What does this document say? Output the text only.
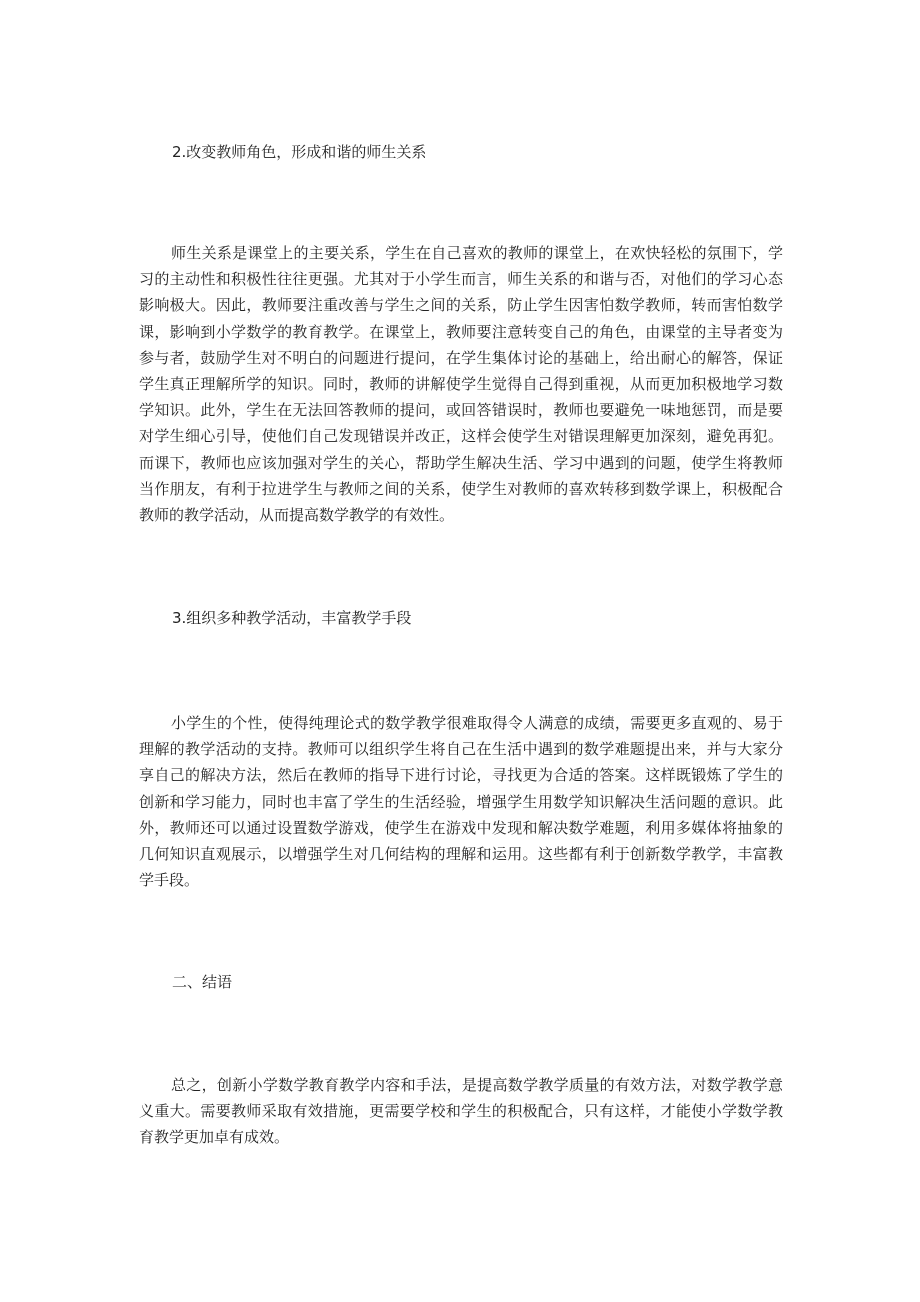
2.改变教师角色，形成和谐的师生关系

师生关系是课堂上的主要关系，学生在自己喜欢的教师的课堂上，在欢快轻松的氛围下，学习的主动性和积极性往往更强。尤其对于小学生而言，师生关系的和谐与否，对他们的学习心态影响极大。因此，教师要注重改善与学生之间的关系，防止学生因害怕数学教师，转而害怕数学课，影响到小学数学的教育教学。在课堂上，教师要注意转变自己的角色，由课堂的主导者变为参与者，鼓励学生对不明白的问题进行提问，在学生集体讨论的基础上，给出耐心的解答，保证学生真正理解所学的知识。同时，教师的讲解使学生觉得自己得到重视，从而更加积极地学习数学知识。此外，学生在无法回答教师的提问，或回答错误时，教师也要避免一味地惩罚，而是要对学生细心引导，使他们自己发现错误并改正，这样会使学生对错误理解更加深刻，避免再犯。而课下，教师也应该加强对学生的关心，帮助学生解决生活、学习中遇到的问题，使学生将教师当作朋友，有利于拉进学生与教师之间的关系，使学生对教师的喜欢转移到数学课上，积极配合教师的教学活动，从而提高数学教学的有效性。

3.组织多种教学活动，丰富教学手段

小学生的个性，使得纯理论式的数学教学很难取得令人满意的成绩，需要更多直观的、易于理解的教学活动的支持。教师可以组织学生将自己在生活中遇到的数学难题提出来，并与大家分享自己的解决方法，然后在教师的指导下进行讨论，寻找更为合适的答案。这样既锻炼了学生的创新和学习能力，同时也丰富了学生的生活经验，增强学生用数学知识解决生活问题的意识。此外，教师还可以通过设置数学游戏，使学生在游戏中发现和解决数学难题，利用多媒体将抽象的几何知识直观展示，以增强学生对几何结构的理解和运用。这些都有利于创新数学教学，丰富教学手段。

二、结语

总之，创新小学数学教育教学内容和手法，是提高数学教学质量的有效方法，对数学教学意义重大。需要教师采取有效措施，更需要学校和学生的积极配合，只有这样，才能使小学数学教育教学更加卓有成效。
